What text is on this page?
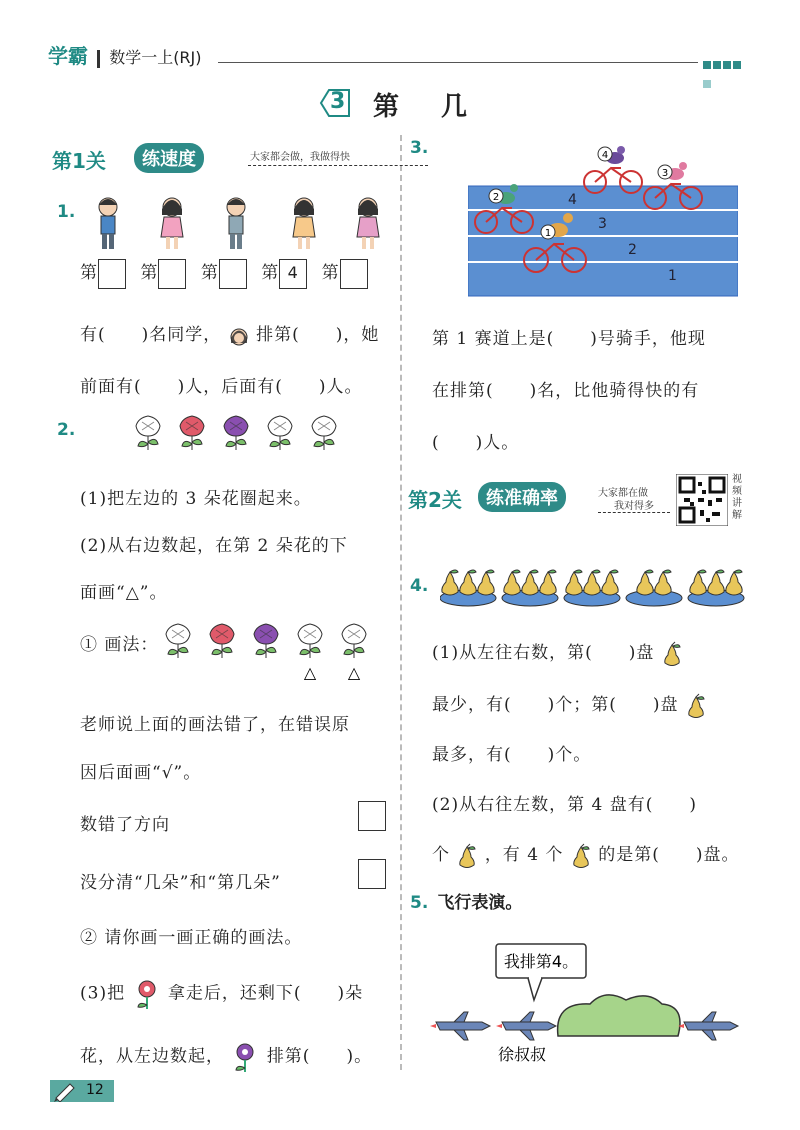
学霸 数学一上(RJ)
3 第　几
第1关	练速度	大家都会做，我做得快
1.
第 第 第 第 4 第
有(　　)名同学， 排第(　　)，她
前面有(　　)人，后面有(　　)人。
2.
(1)把左边的 3 朵花圈起来。
(2)从右边数起，在第 2 朵花的下
面画“△”。
① 画法：
△ △
老师说上面的画法错了，在错误原
因后面画“√”。
数错了方向
没分清“几朵”和“第几朵”
② 请你画一画正确的画法。
(3)把	拿走后，还剩下(　　)朵
花，从左边数起，	排第(　　)。
3.
4
3
2
1
4
3
2
1
第 1 赛道上是(　　)号骑手，他现
在排第(　　)名，比他骑得快的有
(　　)人。
第2关	练准确率	大家都在做
我对得多
视频讲解
4.
(1)从左往右数，第(　　)盘
最少，有(　　)个；第(　　)盘
最多，有(　　)个。
(2)从右往左数，第 4 盘有(　　)
个 ，有 4 个 的是第(　　)盘。
5. 飞行表演。
我排第4。
徐叔叔
12
